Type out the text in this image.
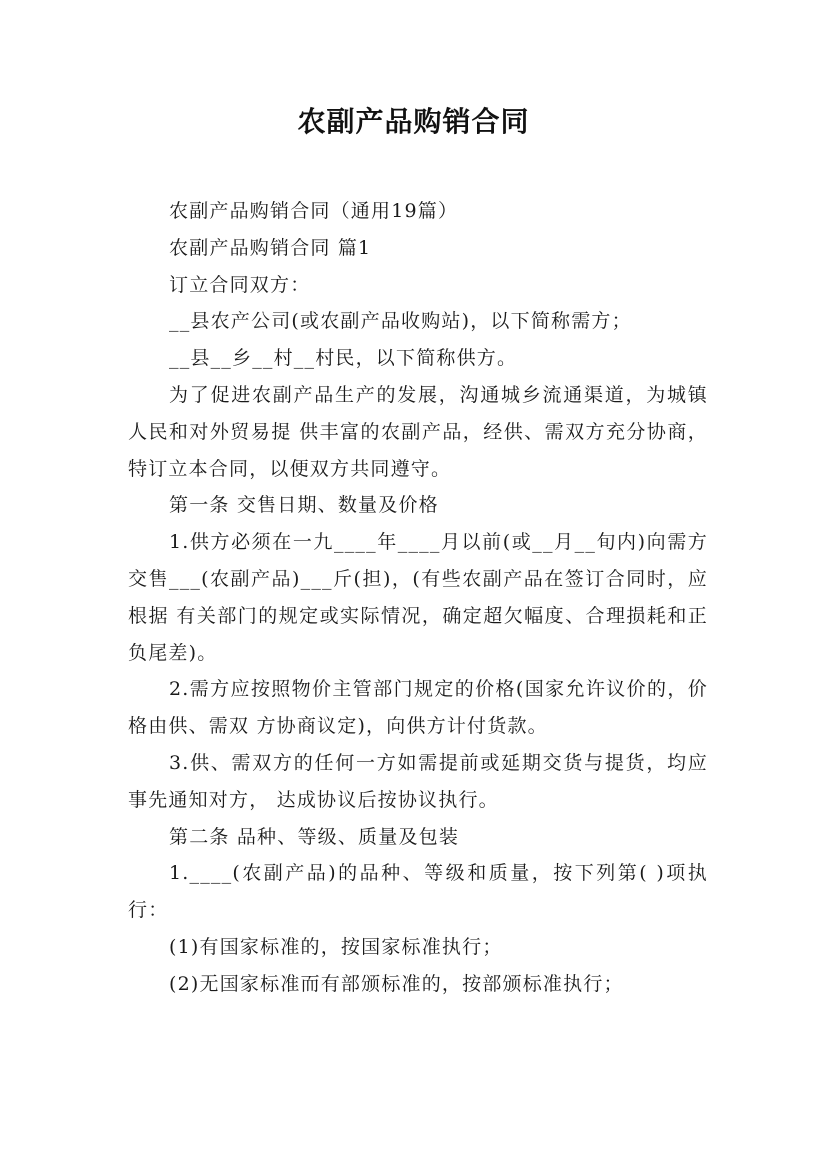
农副产品购销合同

农副产品购销合同（通用19篇）

农副产品购销合同 篇1

订立合同双方：

__县农产公司(或农副产品收购站)，以下简称需方；

__县__乡__村__村民，以下简称供方。

为了促进农副产品生产的发展，沟通城乡流通渠道，为城镇人民和对外贸易提 供丰富的农副产品，经供、需双方充分协商，特订立本合同，以便双方共同遵守。

第一条 交售日期、数量及价格

1.供方必须在一九____年____月以前(或__月__旬内)向需方 交售___(农副产品)___斤(担)，(有些农副产品在签订合同时，应根据 有关部门的规定或实际情况，确定超欠幅度、合理损耗和正负尾差)。

2.需方应按照物价主管部门规定的价格(国家允许议价的，价格由供、需双 方协商议定)，向供方计付货款。

3.供、需双方的任何一方如需提前或延期交货与提货，均应事先通知对方， 达成协议后按协议执行。

第二条 品种、等级、质量及包装

1.____(农副产品)的品种、等级和质量，按下列第( )项执行：

(1)有国家标准的，按国家标准执行；

(2)无国家标准而有部颁标准的，按部颁标准执行；
